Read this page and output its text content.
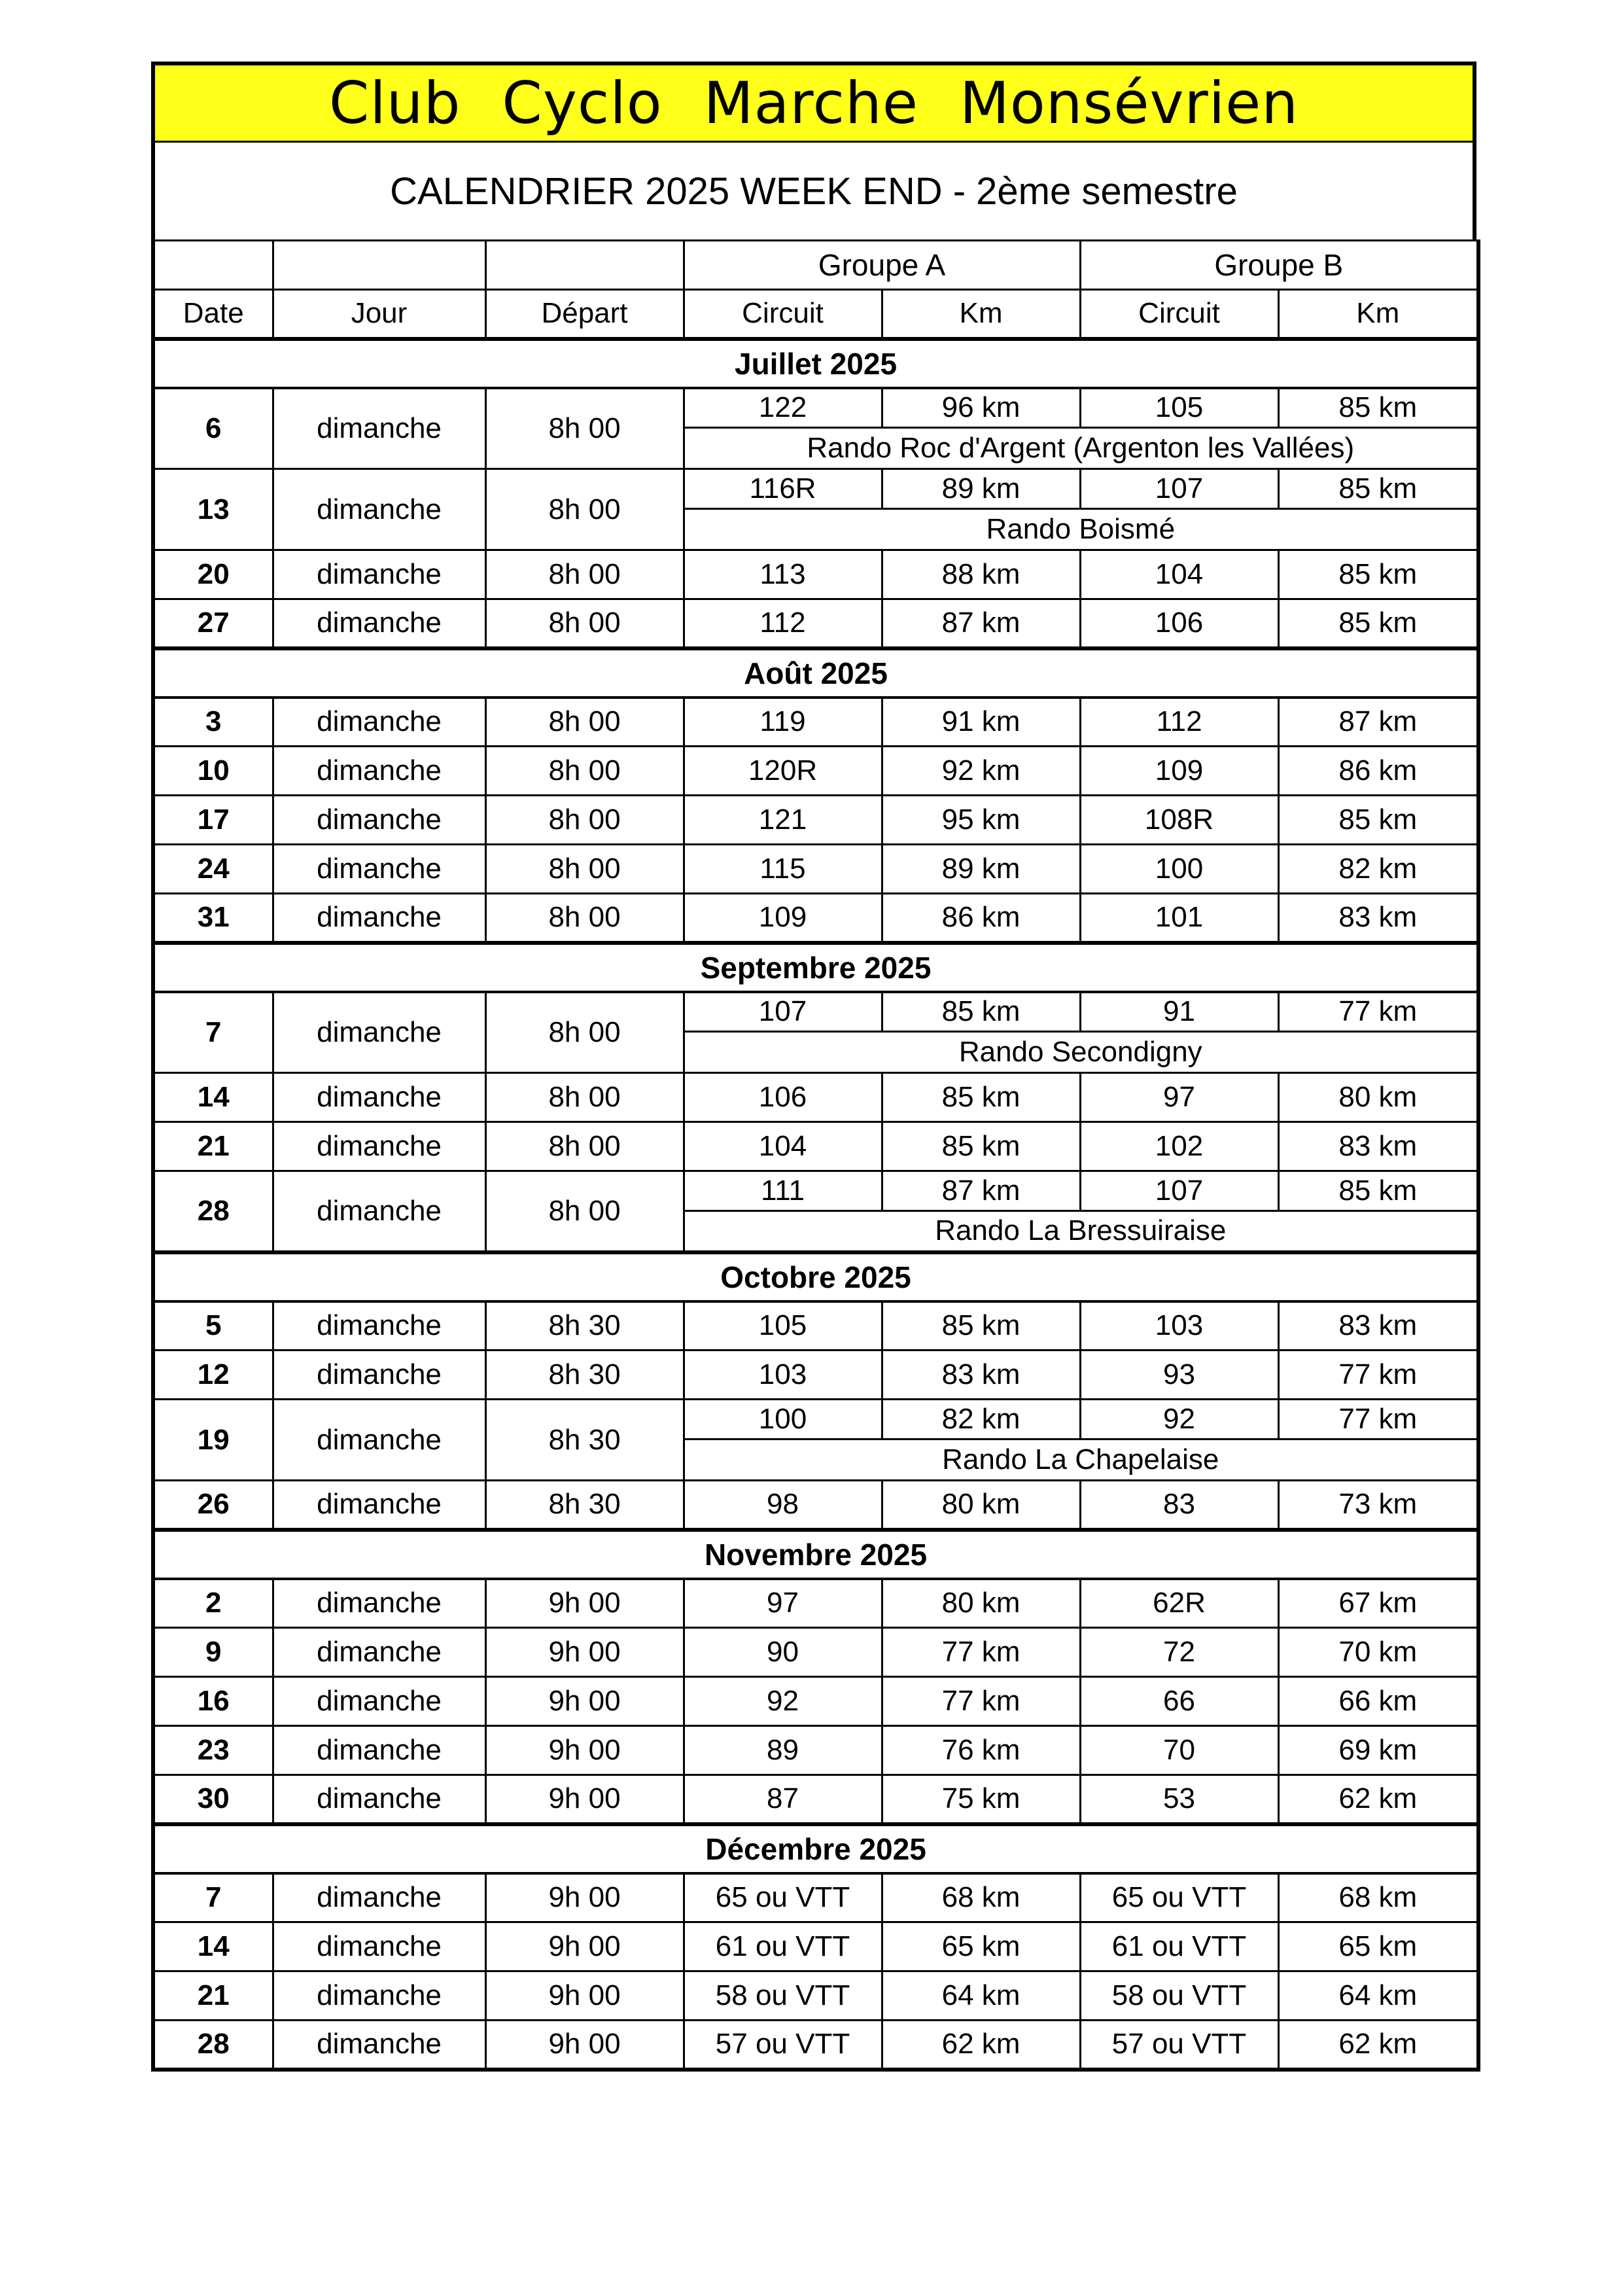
Club Cyclo Marche Monsévrien
CALENDRIER 2025 WEEK END - 2ème semestre
			Groupe A		Groupe B	
Date	Jour	Départ	Circuit	Km	Circuit	Km
Juillet 2025						
6	dimanche	8h 00	122	96 km	105	85 km
			Rando Roc d'Argent (Argenton les Vallées)			
13	dimanche	8h 00	116R	89 km	107	85 km
			Rando Boismé			
20	dimanche	8h 00	113	88 km	104	85 km
27	dimanche	8h 00	112	87 km	106	85 km
Août 2025						
3	dimanche	8h 00	119	91 km	112	87 km
10	dimanche	8h 00	120R	92 km	109	86 km
17	dimanche	8h 00	121	95 km	108R	85 km
24	dimanche	8h 00	115	89 km	100	82 km
31	dimanche	8h 00	109	86 km	101	83 km
Septembre 2025						
7	dimanche	8h 00	107	85 km	91	77 km
			Rando Secondigny			
14	dimanche	8h 00	106	85 km	97	80 km
21	dimanche	8h 00	104	85 km	102	83 km
28	dimanche	8h 00	111	87 km	107	85 km
			Rando La Bressuiraise			
Octobre 2025						
5	dimanche	8h 30	105	85 km	103	83 km
12	dimanche	8h 30	103	83 km	93	77 km
19	dimanche	8h 30	100	82 km	92	77 km
			Rando La Chapelaise			
26	dimanche	8h 30	98	80 km	83	73 km
Novembre 2025						
2	dimanche	9h 00	97	80 km	62R	67 km
9	dimanche	9h 00	90	77 km	72	70 km
16	dimanche	9h 00	92	77 km	66	66 km
23	dimanche	9h 00	89	76 km	70	69 km
30	dimanche	9h 00	87	75 km	53	62 km
Décembre 2025						
7	dimanche	9h 00	65 ou VTT	68 km	65 ou VTT	68 km
14	dimanche	9h 00	61 ou VTT	65 km	61 ou VTT	65 km
21	dimanche	9h 00	58 ou VTT	64 km	58 ou VTT	64 km
28	dimanche	9h 00	57 ou VTT	62 km	57 ou VTT	62 km
